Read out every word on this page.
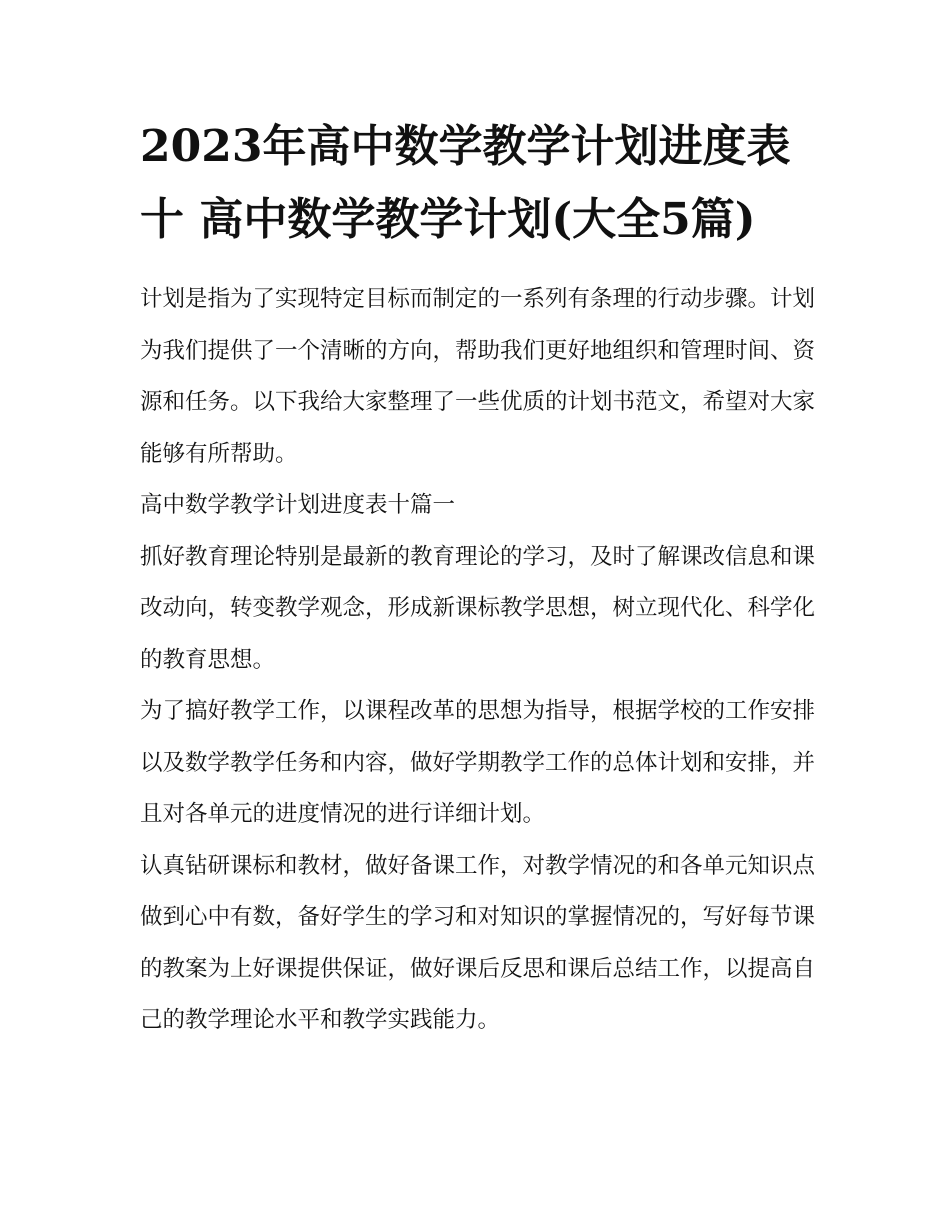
2023年高中数学教学计划进度表十 高中数学教学计划(大全5篇)

计划是指为了实现特定目标而制定的一系列有条理的行动步骤。计划为我们提供了一个清晰的方向，帮助我们更好地组织和管理时间、资源和任务。以下我给大家整理了一些优质的计划书范文，希望对大家能够有所帮助。

高中数学教学计划进度表十篇一

抓好教育理论特别是最新的教育理论的学习，及时了解课改信息和课改动向，转变教学观念，形成新课标教学思想，树立现代化、科学化的教育思想。

为了搞好教学工作，以课程改革的思想为指导，根据学校的工作安排以及数学教学任务和内容，做好学期教学工作的总体计划和安排，并且对各单元的进度情况的进行详细计划。

认真钻研课标和教材，做好备课工作，对教学情况的和各单元知识点做到心中有数，备好学生的学习和对知识的掌握情况的，写好每节课的教案为上好课提供保证，做好课后反思和课后总结工作，以提高自己的教学理论水平和教学实践能力。
